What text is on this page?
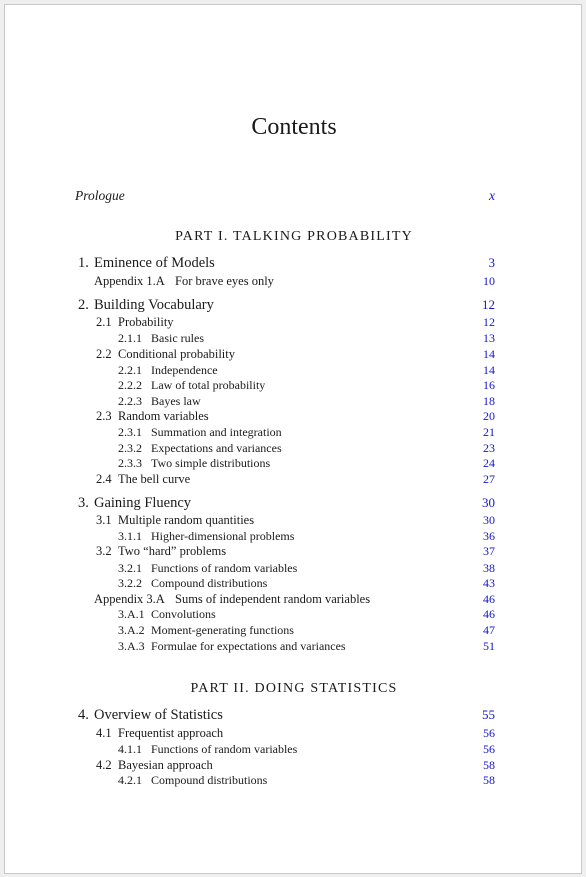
Contents
Prologue	x
PART I. TALKING PROBABILITY
PART II. DOING STATISTICS
1. Eminence of Models	3
Appendix 1.A For brave eyes only	10
2. Building Vocabulary	12
2.1 Probability	12
2.1.1 Basic rules	13
2.2 Conditional probability	14
2.2.1 Independence	14
2.2.2 Law of total probability	16
2.2.3 Bayes law	18
2.3 Random variables	20
2.3.1 Summation and integration	21
2.3.2 Expectations and variances	23
2.3.3 Two simple distributions	24
2.4 The bell curve	27
3. Gaining Fluency	30
3.1 Multiple random quantities	30
3.1.1 Higher-dimensional problems	36
3.2 Two “hard” problems	37
3.2.1 Functions of random variables	38
3.2.2 Compound distributions	43
Appendix 3.A Sums of independent random variables	46
3.A.1 Convolutions	46
3.A.2 Moment-generating functions	47
3.A.3 Formulae for expectations and variances	51
4. Overview of Statistics	55
4.1 Frequentist approach	56
4.1.1 Functions of random variables	56
4.2 Bayesian approach	58
4.2.1 Compound distributions	58
